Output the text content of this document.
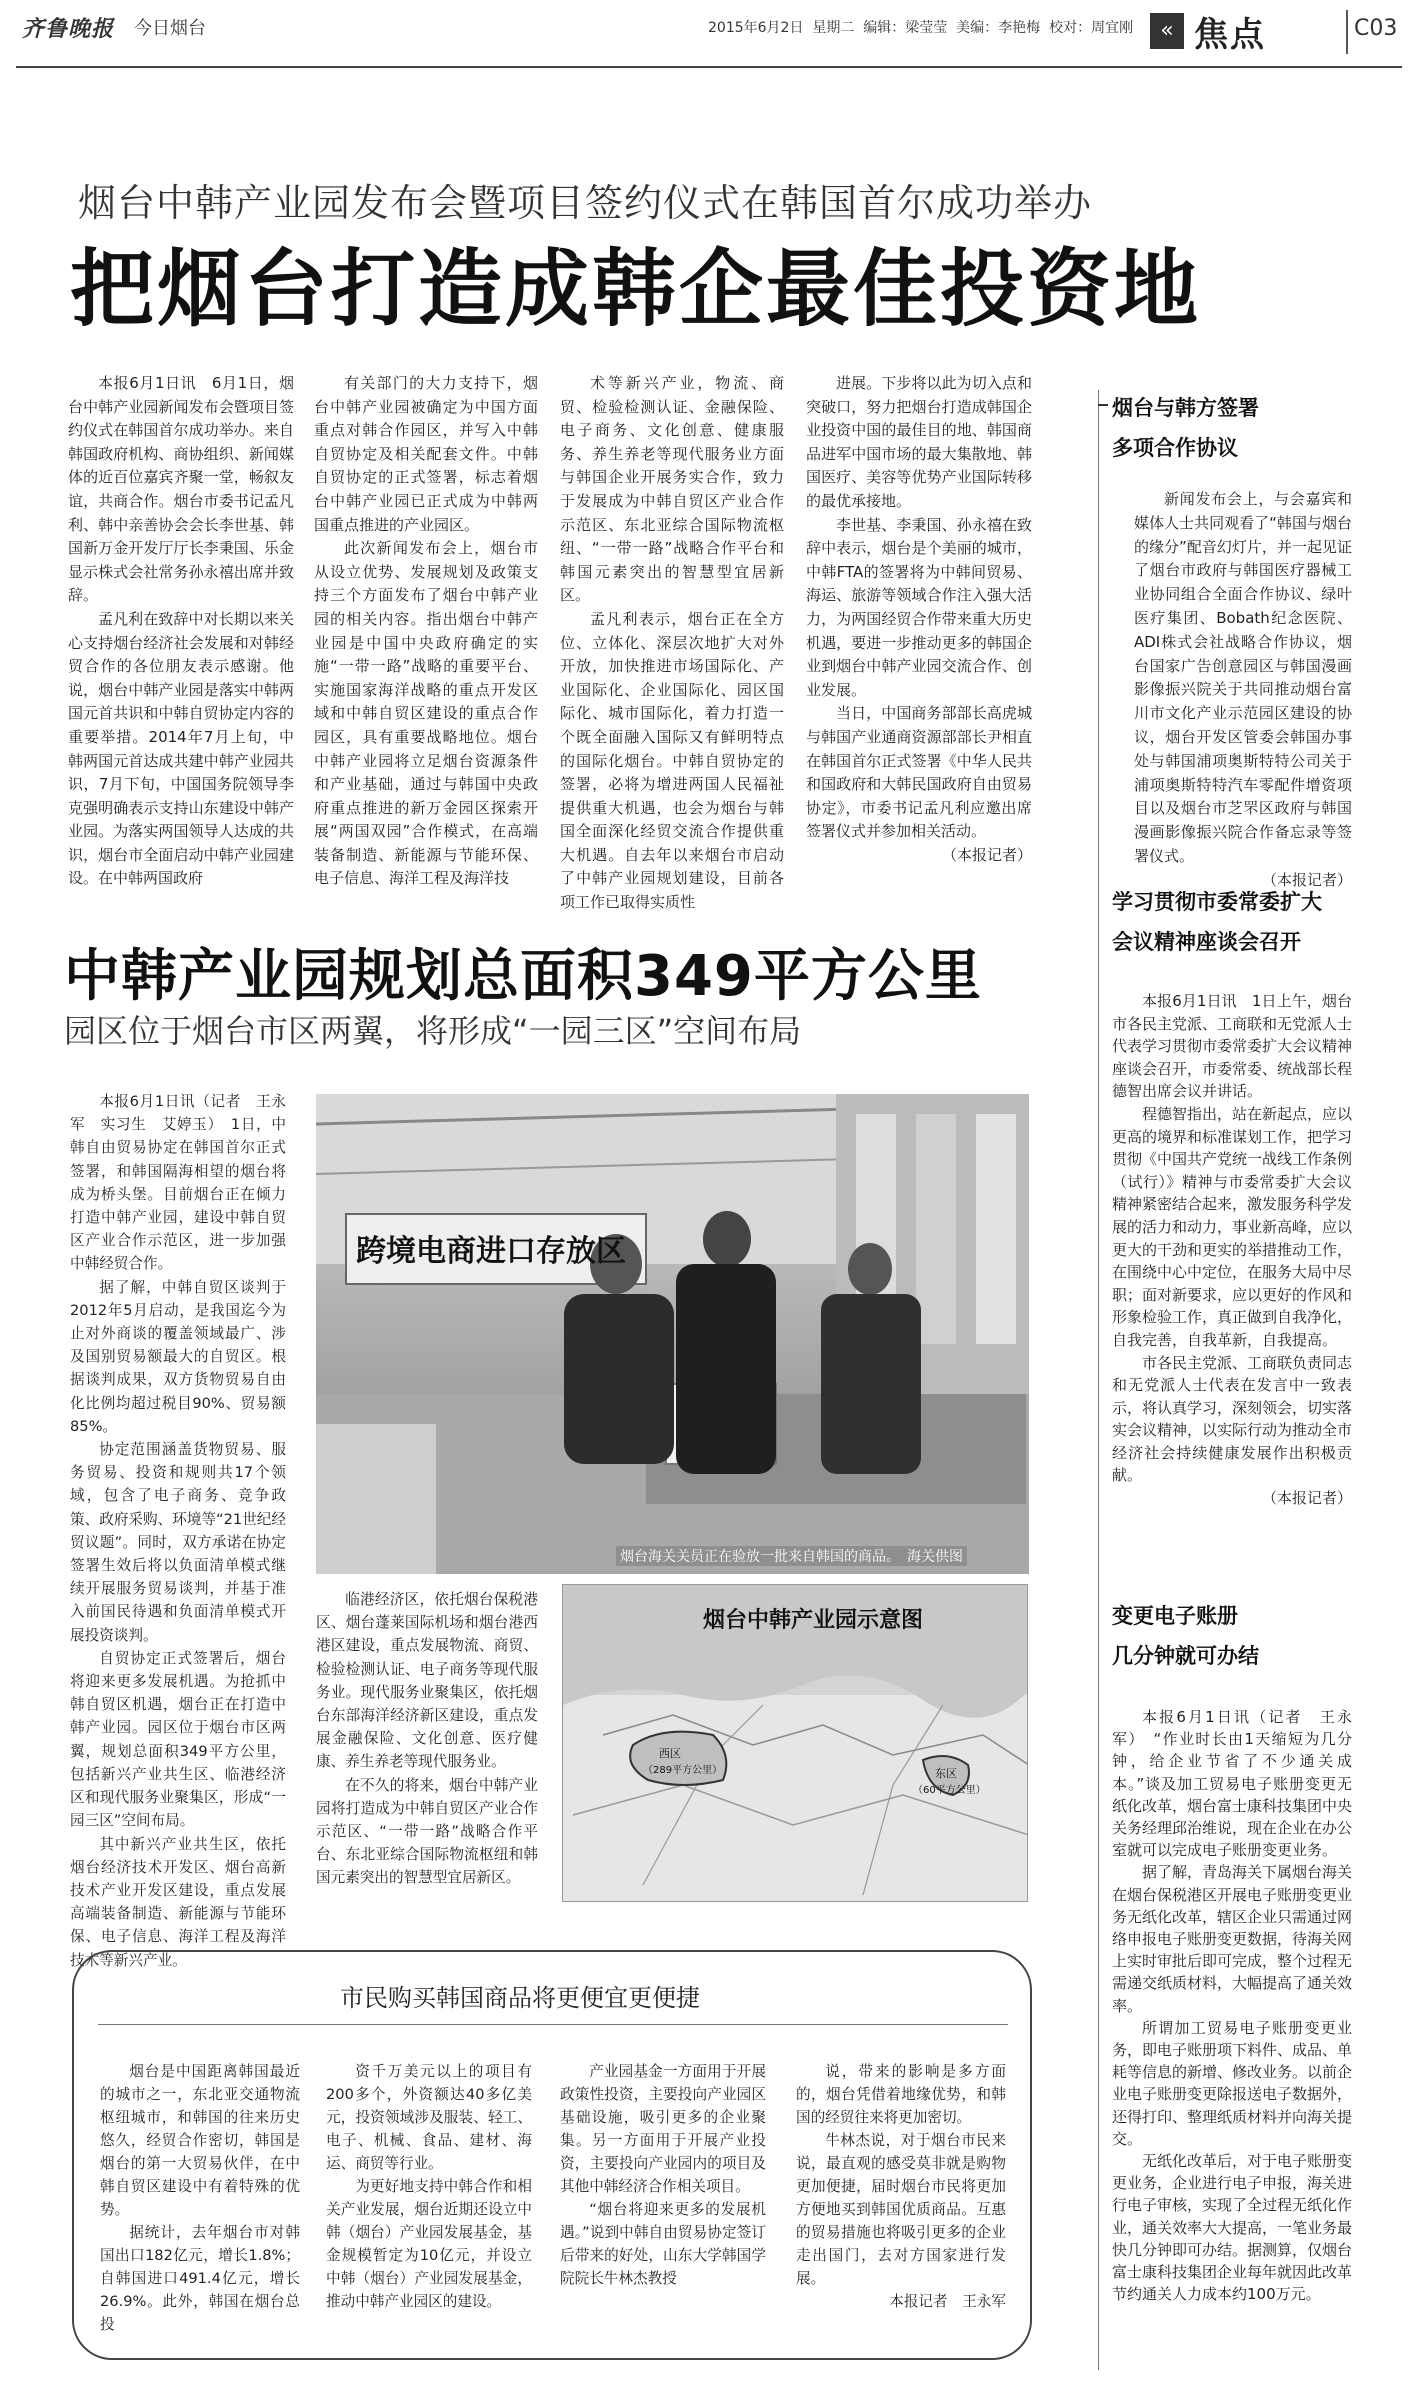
齐鲁晚报 今日烟台	2015年6月2日 星期二 编辑：梁莹莹 美编：李艳梅 校对：周宜刚	« 焦点	C03
烟台中韩产业园发布会暨项目签约仪式在韩国首尔成功举办
把烟台打造成韩企最佳投资地

本报6月1日讯　6月1日，烟台中韩产业园新闻发布会暨项目签约仪式在韩国首尔成功举办。来自韩国政府机构、商协组织、新闻媒体的近百位嘉宾齐聚一堂，畅叙友谊，共商合作。烟台市委书记孟凡利、韩中亲善协会会长李世基、韩国新万金开发厅厅长李秉国、乐金显示株式会社常务孙永禧出席并致辞。

孟凡利在致辞中对长期以来关心支持烟台经济社会发展和对韩经贸合作的各位朋友表示感谢。他说，烟台中韩产业园是落实中韩两国元首共识和中韩自贸协定内容的重要举措。2014年7月上旬，中韩两国元首达成共建中韩产业园共识，7月下旬，中国国务院领导李克强明确表示支持山东建设中韩产业园。为落实两国领导人达成的共识，烟台市全面启动中韩产业园建设。在中韩两国政府

有关部门的大力支持下，烟台中韩产业园被确定为中国方面重点对韩合作园区，并写入中韩自贸协定及相关配套文件。中韩自贸协定的正式签署，标志着烟台中韩产业园已正式成为中韩两国重点推进的产业园区。

此次新闻发布会上，烟台市从设立优势、发展规划及政策支持三个方面发布了烟台中韩产业园的相关内容。指出烟台中韩产业园是中国中央政府确定的实施“一带一路”战略的重要平台、实施国家海洋战略的重点开发区域和中韩自贸区建设的重点合作园区，具有重要战略地位。烟台中韩产业园将立足烟台资源条件和产业基础，通过与韩国中央政府重点推进的新万金园区探索开展“两国双园”合作模式，在高端装备制造、新能源与节能环保、电子信息、海洋工程及海洋技

术等新兴产业，物流、商贸、检验检测认证、金融保险、电子商务、文化创意、健康服务、养生养老等现代服务业方面与韩国企业开展务实合作，致力于发展成为中韩自贸区产业合作示范区、东北亚综合国际物流枢纽、“一带一路”战略合作平台和韩国元素突出的智慧型宜居新区。

孟凡利表示，烟台正在全方位、立体化、深层次地扩大对外开放，加快推进市场国际化、产业国际化、企业国际化、园区国际化、城市国际化，着力打造一个既全面融入国际又有鲜明特点的国际化烟台。中韩自贸协定的签署，必将为增进两国人民福祉提供重大机遇，也会为烟台与韩国全面深化经贸交流合作提供重大机遇。自去年以来烟台市启动了中韩产业园规划建设，目前各项工作已取得实质性

进展。下步将以此为切入点和突破口，努力把烟台打造成韩国企业投资中国的最佳目的地、韩国商品进军中国市场的最大集散地、韩国医疗、美容等优势产业国际转移的最优承接地。

李世基、李秉国、孙永禧在致辞中表示，烟台是个美丽的城市，中韩FTA的签署将为中韩间贸易、海运、旅游等领域合作注入强大活力，为两国经贸合作带来重大历史机遇，要进一步推动更多的韩国企业到烟台中韩产业园交流合作、创业发展。

当日，中国商务部部长高虎城与韩国产业通商资源部部长尹相直在韩国首尔正式签署《中华人民共和国政府和大韩民国政府自由贸易协定》，市委书记孟凡利应邀出席签署仪式并参加相关活动。

（本报记者）

烟台与韩方签署
多项合作协议

新闻发布会上，与会嘉宾和媒体人士共同观看了“韩国与烟台的缘分”配音幻灯片，并一起见证了烟台市政府与韩国医疗器械工业协同组合全面合作协议、绿叶医疗集团、Bobath纪念医院、ADI株式会社战略合作协议，烟台国家广告创意园区与韩国漫画影像振兴院关于共同推动烟台富川市文化产业示范园区建设的协议，烟台开发区管委会韩国办事处与韩国浦项奥斯特特公司关于浦项奥斯特特汽车零配件增资项目以及烟台市芝罘区政府与韩国漫画影像振兴院合作备忘录等签署仪式。

（本报记者）

学习贯彻市委常委扩大
会议精神座谈会召开

本报6月1日讯　1日上午，烟台市各民主党派、工商联和无党派人士代表学习贯彻市委常委扩大会议精神座谈会召开，市委常委、统战部长程德智出席会议并讲话。

程德智指出，站在新起点，应以更高的境界和标准谋划工作，把学习贯彻《中国共产党统一战线工作条例（试行）》精神与市委常委扩大会议精神紧密结合起来，激发服务科学发展的活力和动力，事业新高峰，应以更大的干劲和更实的举措推动工作，在围绕中心中定位，在服务大局中尽职；面对新要求，应以更好的作风和形象检验工作，真正做到自我净化，自我完善，自我革新，自我提高。

市各民主党派、工商联负责同志和无党派人士代表在发言中一致表示，将认真学习，深刻领会，切实落实会议精神，以实际行动为推动全市经济社会持续健康发展作出积极贡献。

（本报记者）

变更电子账册
几分钟就可办结

本报6月1日讯（记者　王永军）　“作业时长由1天缩短为几分钟，给企业节省了不少通关成本。”谈及加工贸易电子账册变更无纸化改革，烟台富士康科技集团中央关务经理邱治维说，现在企业在办公室就可以完成电子账册变更业务。

据了解，青岛海关下属烟台海关在烟台保税港区开展电子账册变更业务无纸化改革，辖区企业只需通过网络申报电子账册变更数据，待海关网上实时审批后即可完成，整个过程无需递交纸质材料，大幅提高了通关效率。

所谓加工贸易电子账册变更业务，即电子账册项下料件、成品、单耗等信息的新增、修改业务。以前企业电子账册变更除报送电子数据外，还得打印、整理纸质材料并向海关提交。

无纸化改革后，对于电子账册变更业务，企业进行电子申报，海关进行电子审核，实现了全过程无纸化作业，通关效率大大提高，一笔业务最快几分钟即可办结。据测算，仅烟台富士康科技集团企业每年就因此改革节约通关人力成本约100万元。

中韩产业园规划总面积349平方公里
园区位于烟台市区两翼，将形成“一园三区”空间布局

本报6月1日讯（记者　王永军　实习生　艾婷玉）　1日，中韩自由贸易协定在韩国首尔正式签署，和韩国隔海相望的烟台将成为桥头堡。目前烟台正在倾力打造中韩产业园，建设中韩自贸区产业合作示范区，进一步加强中韩经贸合作。

据了解，中韩自贸区谈判于2012年5月启动，是我国迄今为止对外商谈的覆盖领域最广、涉及国别贸易额最大的自贸区。根据谈判成果，双方货物贸易自由化比例均超过税目90%、贸易额85%。

协定范围涵盖货物贸易、服务贸易、投资和规则共17个领域，包含了电子商务、竞争政策、政府采购、环境等“21世纪经贸议题”。同时，双方承诺在协定签署生效后将以负面清单模式继续开展服务贸易谈判，并基于准入前国民待遇和负面清单模式开展投资谈判。

自贸协定正式签署后，烟台将迎来更多发展机遇。为抢抓中韩自贸区机遇，烟台正在打造中韩产业园。园区位于烟台市区两翼，规划总面积349平方公里，包括新兴产业共生区、临港经济区和现代服务业聚集区，形成“一园三区”空间布局。

其中新兴产业共生区，依托烟台经济技术开发区、烟台高新技术产业开发区建设，重点发展高端装备制造、新能源与节能环保、电子信息、海洋工程及海洋技术等新兴产业。

跨境电商进口存放区
烟台海关关员正在验放一批来自韩国的商品。　海关供图

临港经济区，依托烟台保税港区、烟台蓬莱国际机场和烟台港西港区建设，重点发展物流、商贸、检验检测认证、电子商务等现代服务业。现代服务业聚集区，依托烟台东部海洋经济新区建设，重点发展金融保险、文化创意、医疗健康、养生养老等现代服务业。

在不久的将来，烟台中韩产业园将打造成为中韩自贸区产业合作示范区、“一带一路”战略合作平台、东北亚综合国际物流枢纽和韩国元素突出的智慧型宜居新区。

烟台中韩产业园示意图
西区
（289平方公里）	东区
（60平方公里）
市民购买韩国商品将更便宜更便捷

烟台是中国距离韩国最近的城市之一，东北亚交通物流枢纽城市，和韩国的往来历史悠久，经贸合作密切，韩国是烟台的第一大贸易伙伴，在中韩自贸区建设中有着特殊的优势。

据统计，去年烟台市对韩国出口182亿元，增长1.8%；自韩国进口491.4亿元，增长26.9%。此外，韩国在烟台总投

资千万美元以上的项目有200多个，外资额达40多亿美元，投资领域涉及服装、轻工、电子、机械、食品、建材、海运、商贸等行业。

为更好地支持中韩合作和相关产业发展，烟台近期还设立中韩（烟台）产业园发展基金，基金规模暂定为10亿元，并设立中韩（烟台）产业园发展基金，推动中韩产业园区的建设。

产业园基金一方面用于开展政策性投资，主要投向产业园区基础设施，吸引更多的企业聚集。另一方面用于开展产业投资，主要投向产业园内的项目及其他中韩经济合作相关项目。

“烟台将迎来更多的发展机遇。”说到中韩自由贸易协定签订后带来的好处，山东大学韩国学院院长牛林杰教授

说，带来的影响是多方面的，烟台凭借着地缘优势，和韩国的经贸往来将更加密切。

牛林杰说，对于烟台市民来说，最直观的感受莫非就是购物更加便捷，届时烟台市民将更加方便地买到韩国优质商品。互惠的贸易措施也将吸引更多的企业走出国门，去对方国家进行发展。

本报记者　王永军
